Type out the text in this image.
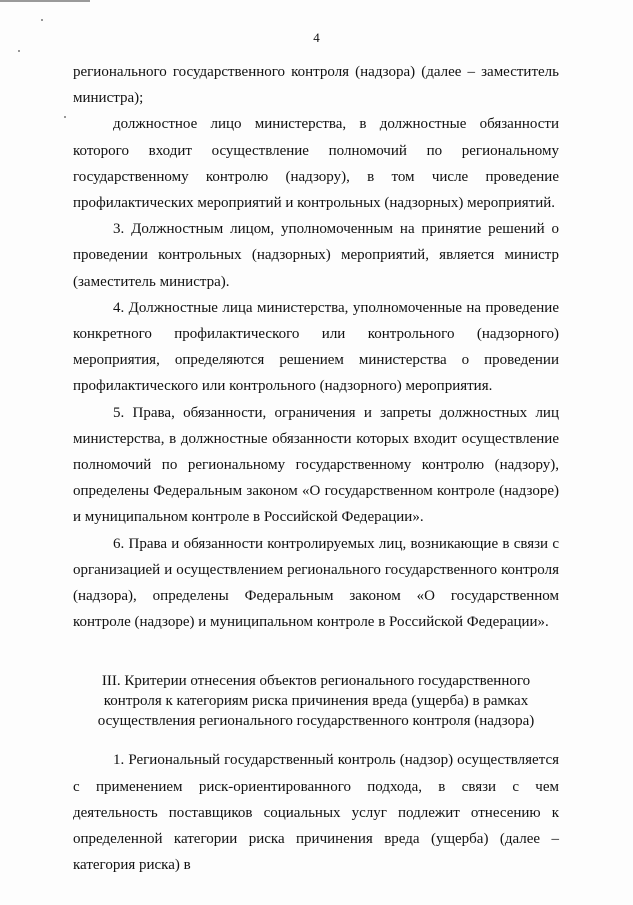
4

регионального государственного контроля (надзора) (далее – заместитель министра);

должностное лицо министерства, в должностные обязанности которого входит осуществление полномочий по региональному государственному контролю (надзору), в том числе проведение профилактических мероприятий и контрольных (надзорных) мероприятий.

3. Должностным лицом, уполномоченным на принятие решений о проведении контрольных (надзорных) мероприятий, является министр (заместитель министра).

4. Должностные лица министерства, уполномоченные на проведение конкретного профилактического или контрольного (надзорного) мероприятия, определяются решением министерства о проведении профилактического или контрольного (надзорного) мероприятия.

5. Права, обязанности, ограничения и запреты должностных лиц министерства, в должностные обязанности которых входит осуществление полномочий по региональному государственному контролю (надзору), определены Федеральным законом «О государственном контроле (надзоре) и муниципальном контроле в Российской Федерации».

6. Права и обязанности контролируемых лиц, возникающие в связи с организацией и осуществлением регионального государственного контроля (надзора), определены Федеральным законом «О государственном контроле (надзоре) и муниципальном контроле в Российской Федерации».

III. Критерии отнесения объектов регионального государственного контроля к категориям риска причинения вреда (ущерба) в рамках осуществления регионального государственного контроля (надзора)

1. Региональный государственный контроль (надзор) осуществляется с применением риск-ориентированного подхода, в связи с чем деятельность поставщиков социальных услуг подлежит отнесению к определенной категории риска причинения вреда (ущерба) (далее – категория риска) в
